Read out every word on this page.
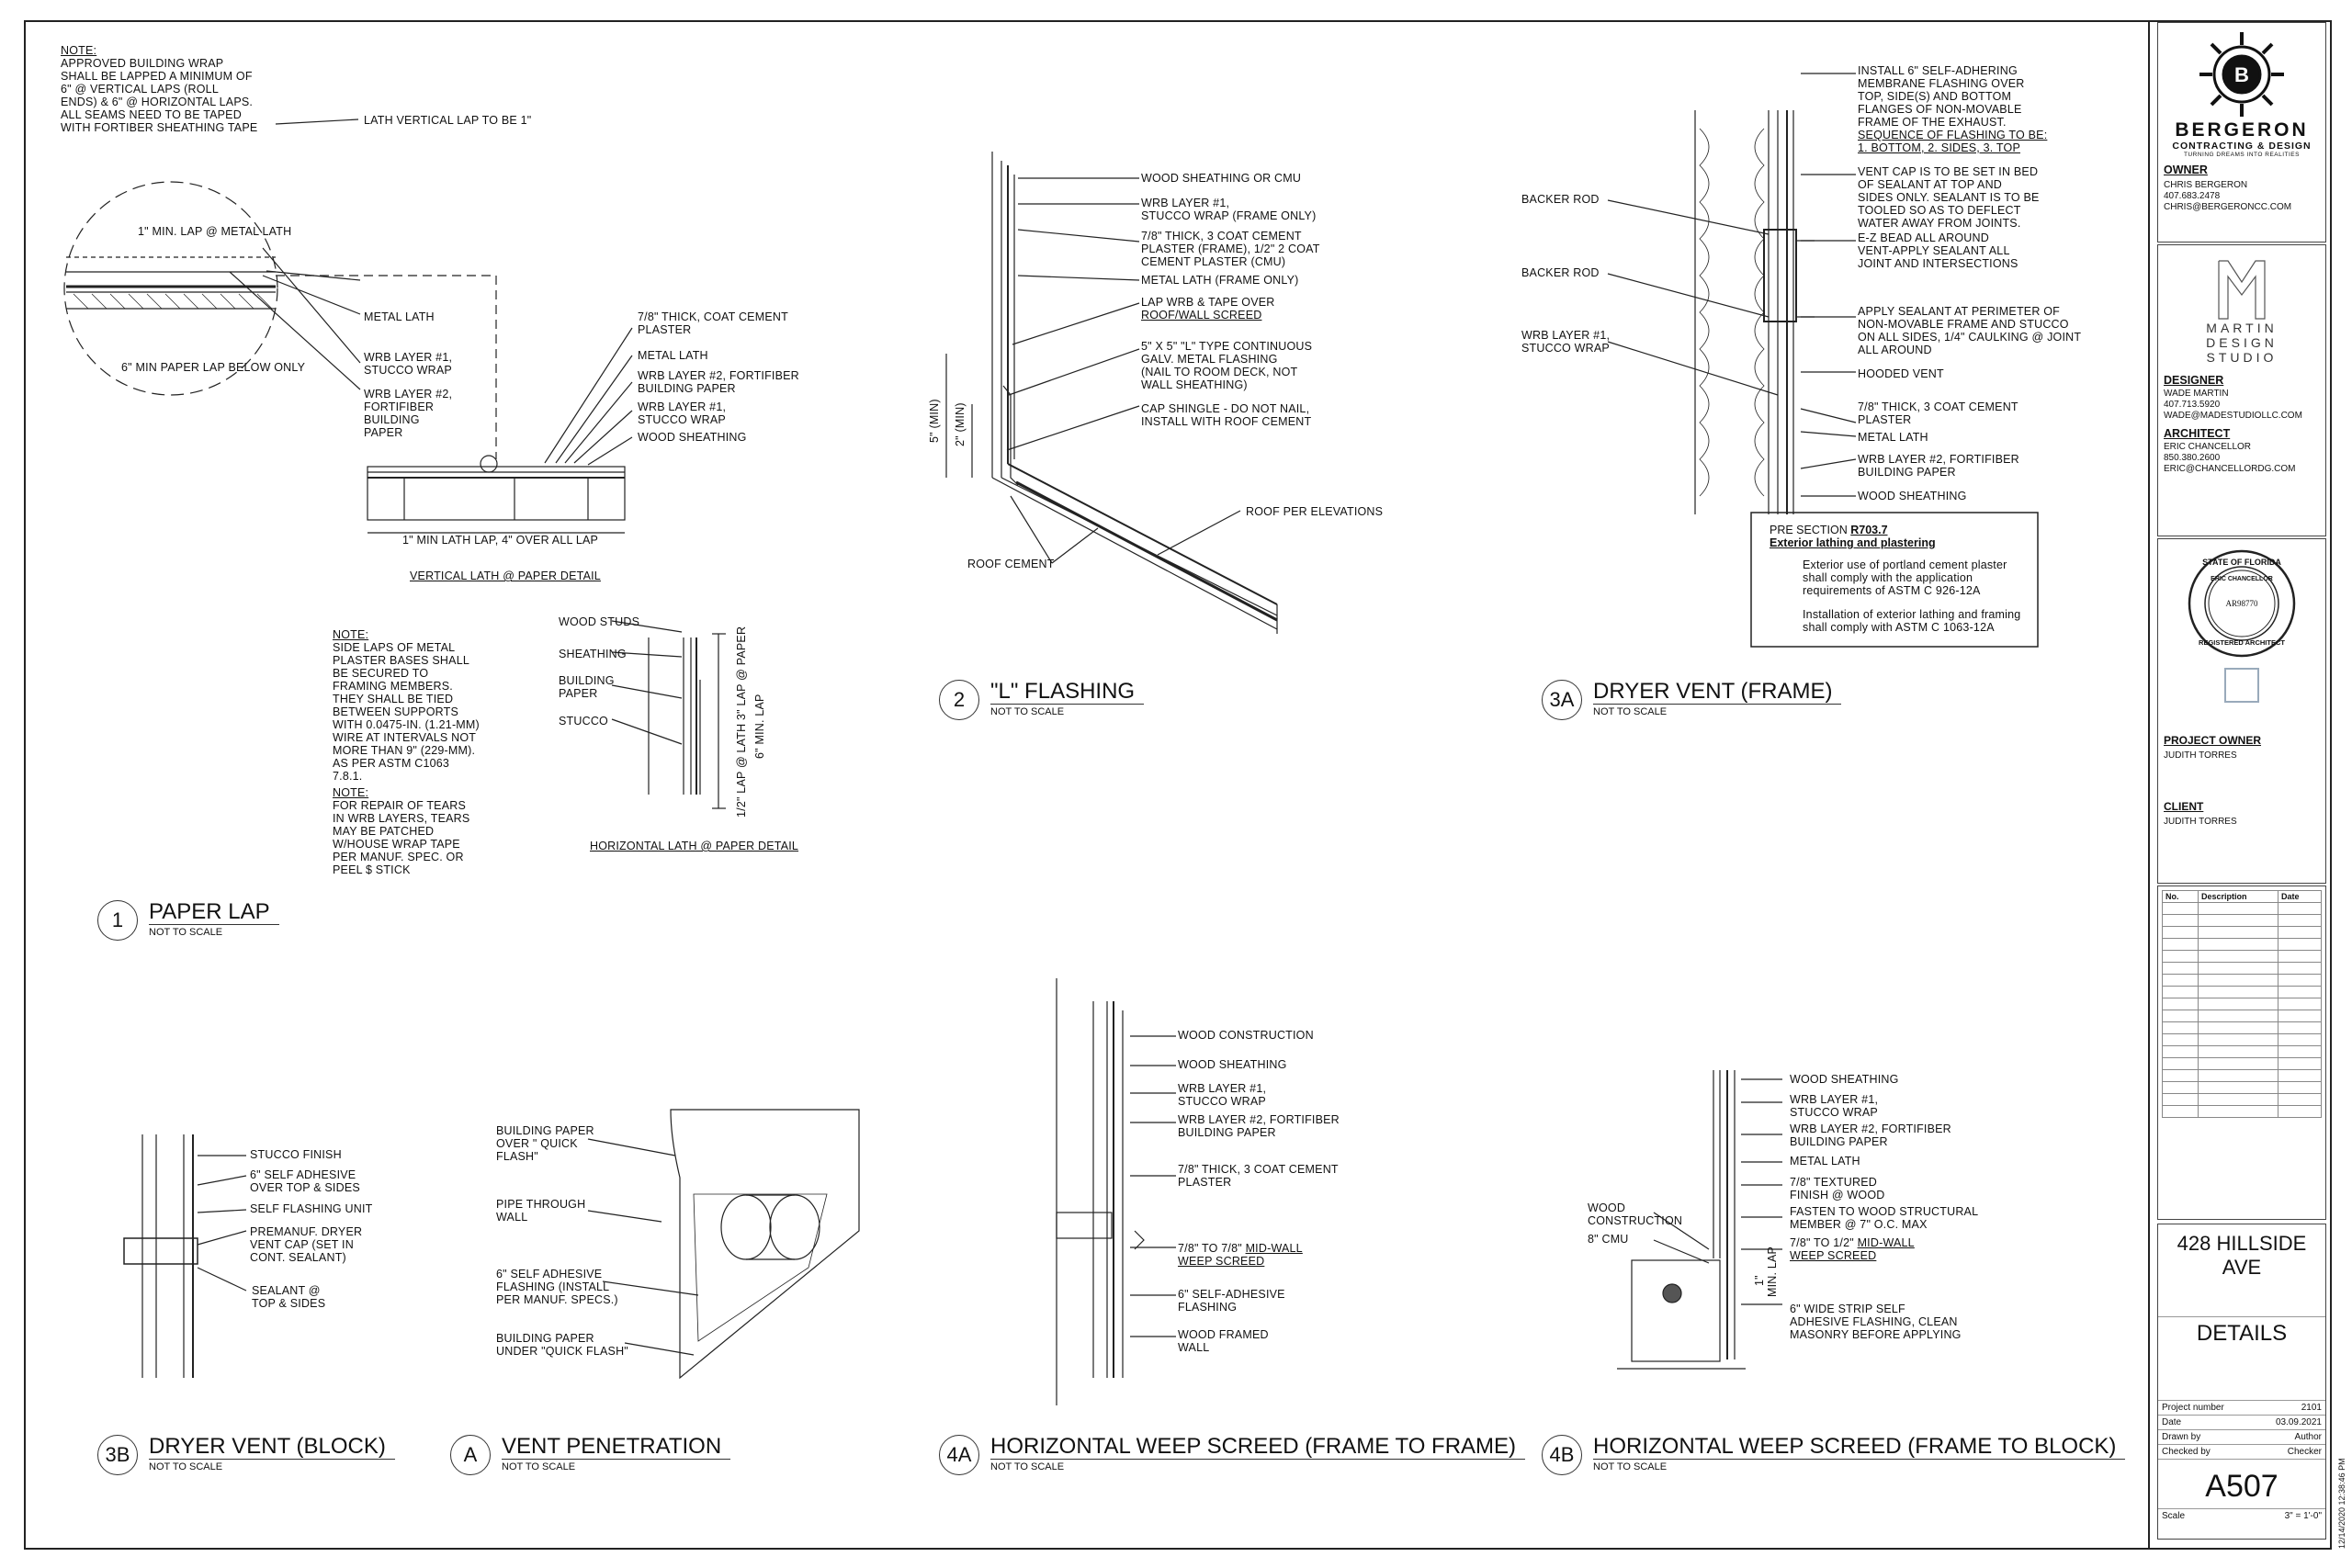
NOTE:
APPROVED BUILDING WRAP
SHALL BE LAPPED A MINIMUM OF
6" @ VERTICAL LAPS (ROLL
ENDS) & 6" @ HORIZONTAL LAPS.
ALL SEAMS NEED TO BE TAPED
WITH FORTIBER SHEATHING TAPE
LATH VERTICAL LAP TO BE 1"
1" MIN. LAP @ METAL LATH
METAL LATH
WRB LAYER #1,
STUCCO WRAP
6" MIN PAPER LAP BELOW ONLY
WRB LAYER #2,
FORTIFIBER
BUILDING
PAPER
7/8" THICK, COAT CEMENT
PLASTER
METAL LATH
WRB LAYER #2, FORTIFIBER
BUILDING PAPER
WRB LAYER #1,
STUCCO WRAP
WOOD SHEATHING
1" MIN LATH LAP, 4" OVER ALL LAP
VERTICAL LATH @ PAPER DETAIL
NOTE:
SIDE LAPS OF METAL
PLASTER BASES SHALL
BE SECURED TO
FRAMING MEMBERS.
THEY SHALL BE TIED
BETWEEN SUPPORTS
WITH 0.0475-IN. (1.21-MM)
WIRE AT INTERVALS NOT
MORE THAN 9" (229-MM).
AS PER ASTM C1063
7.8.1.
NOTE:
FOR REPAIR OF TEARS
IN WRB LAYERS, TEARS
MAY BE PATCHED
W/HOUSE WRAP TAPE
PER MANUF. SPEC. OR
PEEL $ STICK
WOOD STUDS
SHEATHING
BUILDING
PAPER
STUCCO	1/2" LAP @ LATH 3" LAP @ PAPER 6" MIN. LAP
HORIZONTAL LATH @ PAPER DETAIL
1	PAPER LAP
NOT TO SCALE
WOOD SHEATHING OR CMU
WRB LAYER #1,
STUCCO WRAP (FRAME ONLY)
7/8" THICK, 3 COAT CEMENT
PLASTER (FRAME), 1/2" 2 COAT
CEMENT PLASTER (CMU)
METAL LATH (FRAME ONLY)
LAP WRB & TAPE OVER
ROOF/WALL SCREED
5" X 5" "L" TYPE CONTINUOUS
GALV. METAL FLASHING
(NAIL TO ROOM DECK, NOT
WALL SHEATHING)
CAP SHINGLE - DO NOT NAIL,
INSTALL WITH ROOF CEMENT
ROOF PER ELEVATIONS
ROOF CEMENT
5" (MIN) 2" (MIN)
2	"L" FLASHING
NOT TO SCALE
INSTALL 6" SELF-ADHERING
MEMBRANE FLASHING OVER
TOP, SIDE(S) AND BOTTOM
FLANGES OF NON-MOVABLE
FRAME OF THE EXHAUST.
SEQUENCE OF FLASHING TO BE:
1. BOTTOM, 2. SIDES, 3. TOP
VENT CAP IS TO BE SET IN BED
OF SEALANT AT TOP AND
SIDES ONLY. SEALANT IS TO BE
TOOLED SO AS TO DEFLECT
WATER AWAY FROM JOINTS.
E-Z BEAD ALL AROUND
VENT-APPLY SEALANT ALL
JOINT AND INTERSECTIONS
APPLY SEALANT AT PERIMETER OF
NON-MOVABLE FRAME AND STUCCO
ON ALL SIDES, 1/4" CAULKING @ JOINT
ALL AROUND
HOODED VENT
7/8" THICK, 3 COAT CEMENT
PLASTER
METAL LATH
WRB LAYER #2, FORTIFIBER
BUILDING PAPER
WOOD SHEATHING
BACKER ROD
BACKER ROD
WRB LAYER #1,
STUCCO WRAP
PRE SECTION R703.7
Exterior lathing and plastering
Exterior use of portland cement plaster
shall comply with the application
requirements of ASTM C 926-12A
Installation of exterior lathing and framing
shall comply with ASTM C 1063-12A
3A DRYER VENT (FRAME)
NOT TO SCALE
STUCCO FINISH
6" SELF ADHESIVE
OVER TOP & SIDES
SELF FLASHING UNIT
PREMANUF. DRYER
VENT CAP (SET IN
CONT. SEALANT)
SEALANT @
TOP & SIDES
3B DRYER VENT (BLOCK)
NOT TO SCALE
BUILDING PAPER
OVER " QUICK
FLASH"
PIPE THROUGH
WALL
6" SELF ADHESIVE
FLASHING (INSTALL
PER MANUF. SPECS.)
BUILDING PAPER
UNDER "QUICK FLASH"
A	VENT PENETRATION
NOT TO SCALE
WOOD CONSTRUCTION
WOOD SHEATHING
WRB LAYER #1,
STUCCO WRAP
WRB LAYER #2, FORTIFIBER
BUILDING PAPER
7/8" THICK, 3 COAT CEMENT
PLASTER
7/8" TO 7/8" MID-WALL
WEEP SCREED
6" SELF-ADHESIVE
FLASHING
WOOD FRAMED
WALL
4A HORIZONTAL WEEP SCREED (FRAME TO FRAME)
NOT TO SCALE
WOOD SHEATHING
WRB LAYER #1,
STUCCO WRAP
WRB LAYER #2, FORTIFIBER
BUILDING PAPER
METAL LATH
7/8" TEXTURED
FINISH @ WOOD
FASTEN TO WOOD STRUCTURAL
MEMBER @ 7" O.C. MAX
7/8" TO 1/2" MID-WALL
WEEP SCREED
6" WIDE STRIP SELF
ADHESIVE FLASHING, CLEAN
MASONRY BEFORE APPLYING
WOOD
CONSTRUCTION
8" CMU
1" MIN. LAP
4B HORIZONTAL WEEP SCREED (FRAME TO BLOCK)
NOT TO SCALE
B
BERGERON
CONTRACTING & DESIGN
TURNING DREAMS INTO REALITIES
OWNER
CHRIS BERGERON
407.683.2478
CHRIS@BERGERONCC.COM
MARTIN
DESIGN
STUDIO
DESIGNER
WADE MARTIN
407.713.5920
WADE@MADESTUDIOLLC.COM
ARCHITECT
ERIC CHANCELLOR
850.380.2600
ERIC@CHANCELLORDG.COM
STATE OF FLORIDA
ERIC CHANCELLOR
AR98770
REGISTERED ARCHITECT
PROJECT OWNER
JUDITH TORRES
CLIENT
JUDITH TORRES
No.	Description	Date

428 HILLSIDE
AVE
DETAILS
Project number	2101
Date	03.09.2021
Drawn by	Author
Checked by	Checker
A507
Scale	3" = 1'-0" 12/14/2020 12:38:46 PM
